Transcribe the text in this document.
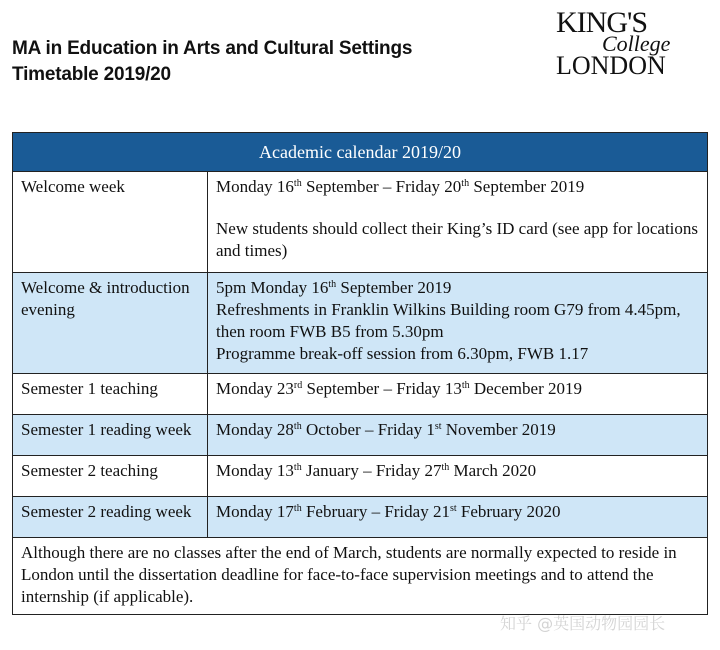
MA in Education in Arts and Cultural Settings
Timetable 2019/20
KING'S
College
LONDON
Academic calendar 2019/20	
Welcome week	Monday 16th September – Friday 20th September 2019
New students should collect their King’s ID card (see app for locations and times)

Welcome & introduction evening	5pm Monday 16th September 2019
Refreshments in Franklin Wilkins Building room G79 from 4.45pm, then room FWB B5 from 5.30pm
Programme break-off session from 6.30pm, FWB 1.17

Semester 1 teaching	Monday 23rd September – Friday 13th December 2019

Semester 1 reading week	Monday 28th October – Friday 1st November 2019

Semester 2 teaching	Monday 13th January – Friday 27th March 2020

Semester 2 reading week	Monday 17th February – Friday 21st February 2020

Although there are no classes after the end of March, students are normally expected to reside in London until the dissertation deadline for face-to-face supervision meetings and to attend the internship (if applicable).	
知乎 @英国动物园园长
